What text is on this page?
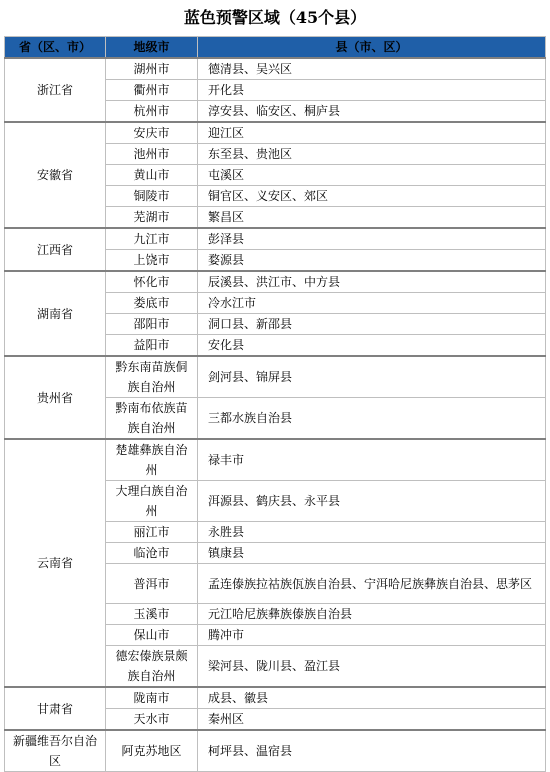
蓝色预警区域（45个县）
省（区、市）	地级市	县（市、区）
浙江省	湖州市	德清县、吴兴区
	衢州市	开化县
	杭州市	淳安县、临安区、桐庐县
安徽省	安庆市	迎江区
	池州市	东至县、贵池区
	黄山市	屯溪区
	铜陵市	铜官区、义安区、郊区
	芜湖市	繁昌区
江西省	九江市	彭泽县
	上饶市	婺源县
湖南省	怀化市	辰溪县、洪江市、中方县
	娄底市	冷水江市
	邵阳市	洞口县、新邵县
	益阳市	安化县
贵州省	黔东南苗族侗族自治州	剑河县、锦屏县
	黔南布依族苗族自治州	三都水族自治县
云南省	楚雄彝族自治州	禄丰市
	大理白族自治州	洱源县、鹤庆县、永平县
	丽江市	永胜县
	临沧市	镇康县
	普洱市	孟连傣族拉祜族佤族自治县、宁洱哈尼族彝族自治县、思茅区
	玉溪市	元江哈尼族彝族傣族自治县
	保山市	腾冲市
	德宏傣族景颇族自治州	梁河县、陇川县、盈江县
甘肃省	陇南市	成县、徽县
	天水市	秦州区
新疆维吾尔自治区	阿克苏地区	柯坪县、温宿县
